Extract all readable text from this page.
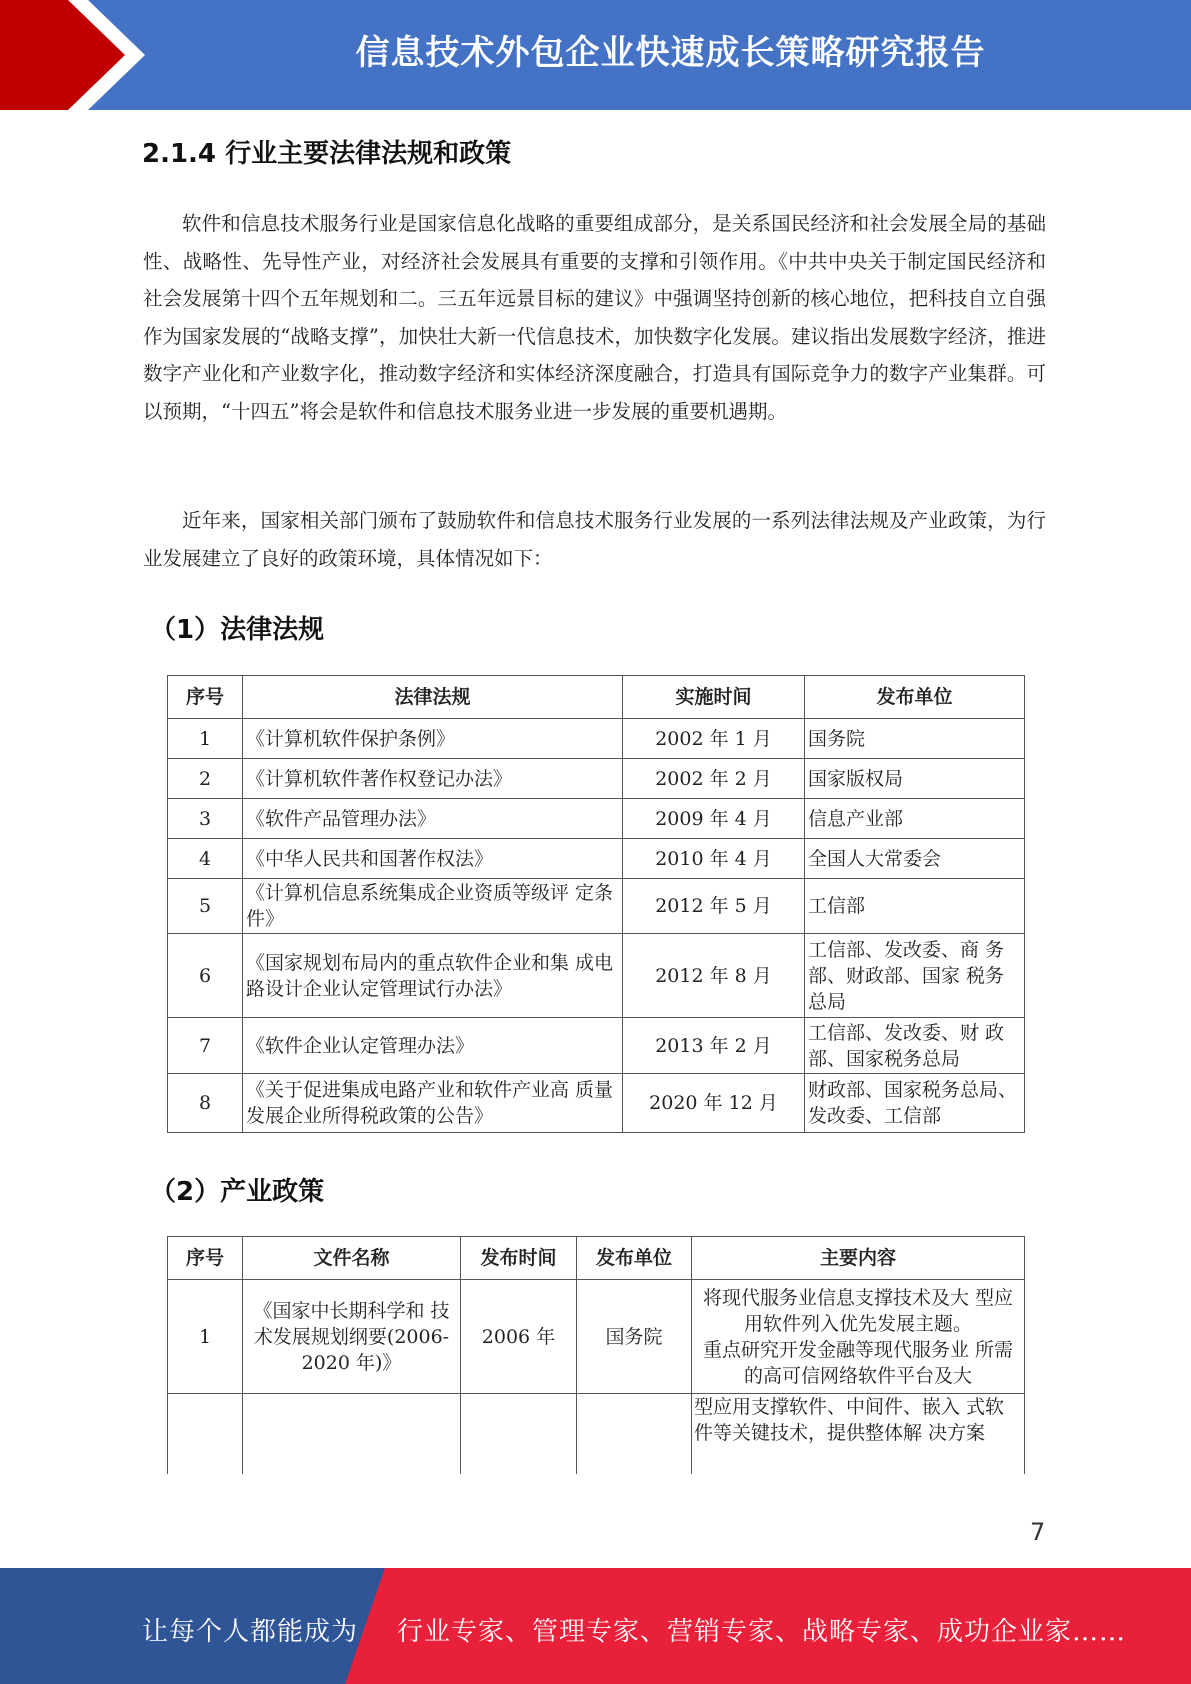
信息技术外包企业快速成长策略研究报告
2.1.4 行业主要法律法规和政策

软件和信息技术服务行业是国家信息化战略的重要组成部分，是关系国民经济和社会发展全局的基础性、战略性、先导性产业，对经济社会发展具有重要的支撑和引领作用。《中共中央关于制定国民经济和社会发展第十四个五年规划和二。三五年远景目标的建议》中强调坚持创新的核心地位，把科技自立自强作为国家发展的“战略支撑”，加快壮大新一代信息技术，加快数字化发展。建议指出发展数字经济，推进数字产业化和产业数字化，推动数字经济和实体经济深度融合，打造具有国际竞争力的数字产业集群。可以预期，“十四五”将会是软件和信息技术服务业进一步发展的重要机遇期。

近年来，国家相关部门颁布了鼓励软件和信息技术服务行业发展的一系列法律法规及产业政策，为行业发展建立了良好的政策环境，具体情况如下：

（1）法律法规
序号	法律法规	实施时间	发布单位
1	《计算机软件保护条例》	2002 年 1 月	国务院
2	《计算机软件著作权登记办法》	2002 年 2 月	国家版权局
3	《软件产品管理办法》	2009 年 4 月	信息产业部
4	《中华人民共和国著作权法》	2010 年 4 月	全国人大常委会
5	《计算机信息系统集成企业资质等级评 定条件》	2012 年 5 月	工信部
6	《国家规划布局内的重点软件企业和集 成电路设计企业认定管理试行办法》	2012 年 8 月	工信部、发改委、商 务部、财政部、国家 税务总局
7	《软件企业认定管理办法》	2013 年 2 月	工信部、发改委、财 政部、国家税务总局
8	《关于促进集成电路产业和软件产业高 质量发展企业所得税政策的公告》	2020 年 12 月	财政部、国家税务总局、发改委、工信部
（2）产业政策
序号	文件名称	发布时间	发布单位	主要内容
1	《国家中长期科学和 技术发展规划纲要(2006-2020 年)》	2006 年	国务院	将现代服务业信息支撑技术及大 型应用软件列入优先发展主题。
重点研究开发金融等现代服务业 所需的高可信网络软件平台及大

				型应用支撑软件、中间件、嵌入 式软件等关键技术，提供整体解 决方案
7
让每个人都能成为 行业专家、管理专家、营销专家、战略专家、成功企业家……
